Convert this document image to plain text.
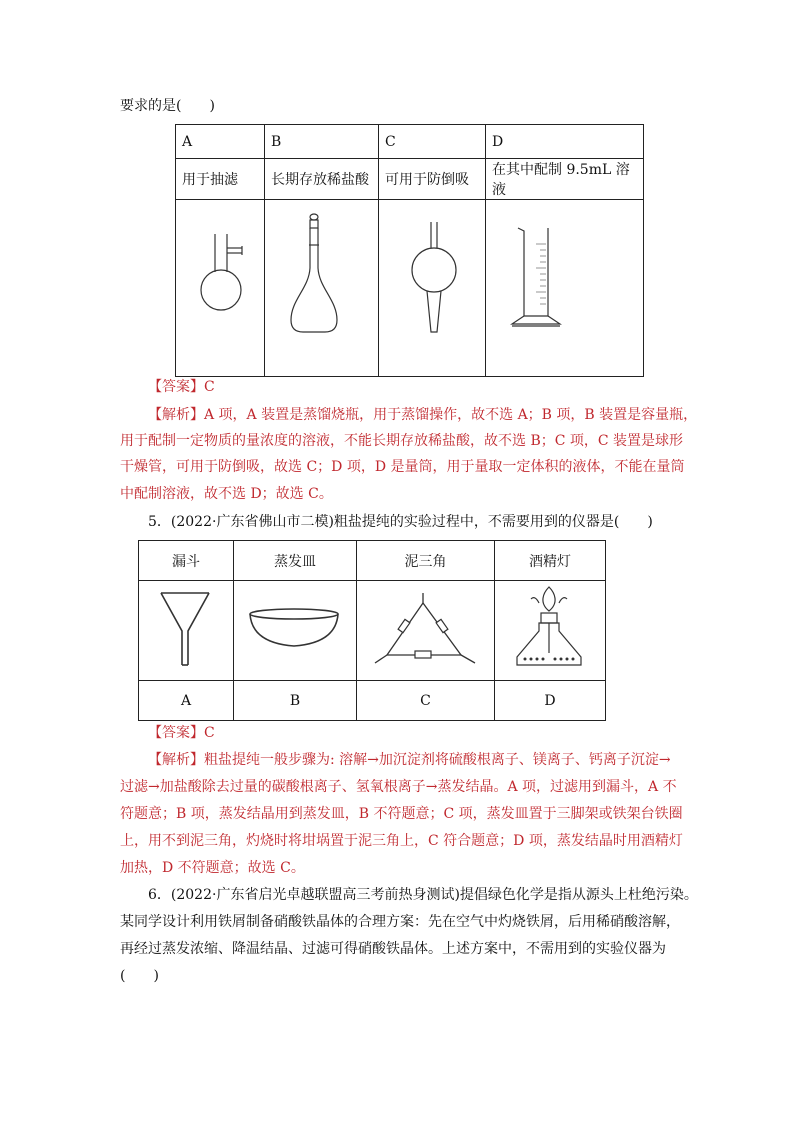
要求的是(　　)
A	B	C	D
用于抽滤	长期存放稀盐酸	可用于防倒吸	在其中配制 9.5mL 溶液

【答案】C
【解析】A 项，A 装置是蒸馏烧瓶，用于蒸馏操作，故不选 A；B 项，B 装置是容量瓶，
用于配制一定物质的量浓度的溶液，不能长期存放稀盐酸，故不选 B；C 项，C 装置是球形
干燥管，可用于防倒吸，故选 C；D 项，D 是量筒，用于量取一定体积的液体，不能在量筒
中配制溶液，故不选 D；故选 C。
5．(2022·广东省佛山市二模)粗盐提纯的实验过程中，不需要用到的仪器是(　　)
漏斗	蒸发皿	泥三角	酒精灯

A	B	C	D
【答案】C
【解析】粗盐提纯一般步骤为: 溶解→加沉淀剂将硫酸根离子、镁离子、钙离子沉淀→
过滤→加盐酸除去过量的碳酸根离子、氢氧根离子→蒸发结晶。A 项，过滤用到漏斗，A 不
符题意；B 项，蒸发结晶用到蒸发皿，B 不符题意；C 项，蒸发皿置于三脚架或铁架台铁圈
上，用不到泥三角，灼烧时将坩埚置于泥三角上，C 符合题意；D 项，蒸发结晶时用酒精灯
加热，D 不符题意；故选 C。
6．(2022·广东省启光卓越联盟高三考前热身测试)提倡绿色化学是指从源头上杜绝污染。
某同学设计利用铁屑制备硝酸铁晶体的合理方案：先在空气中灼烧铁屑，后用稀硝酸溶解，
再经过蒸发浓缩、降温结晶、过滤可得硝酸铁晶体。上述方案中，不需用到的实验仪器为
(　　)
